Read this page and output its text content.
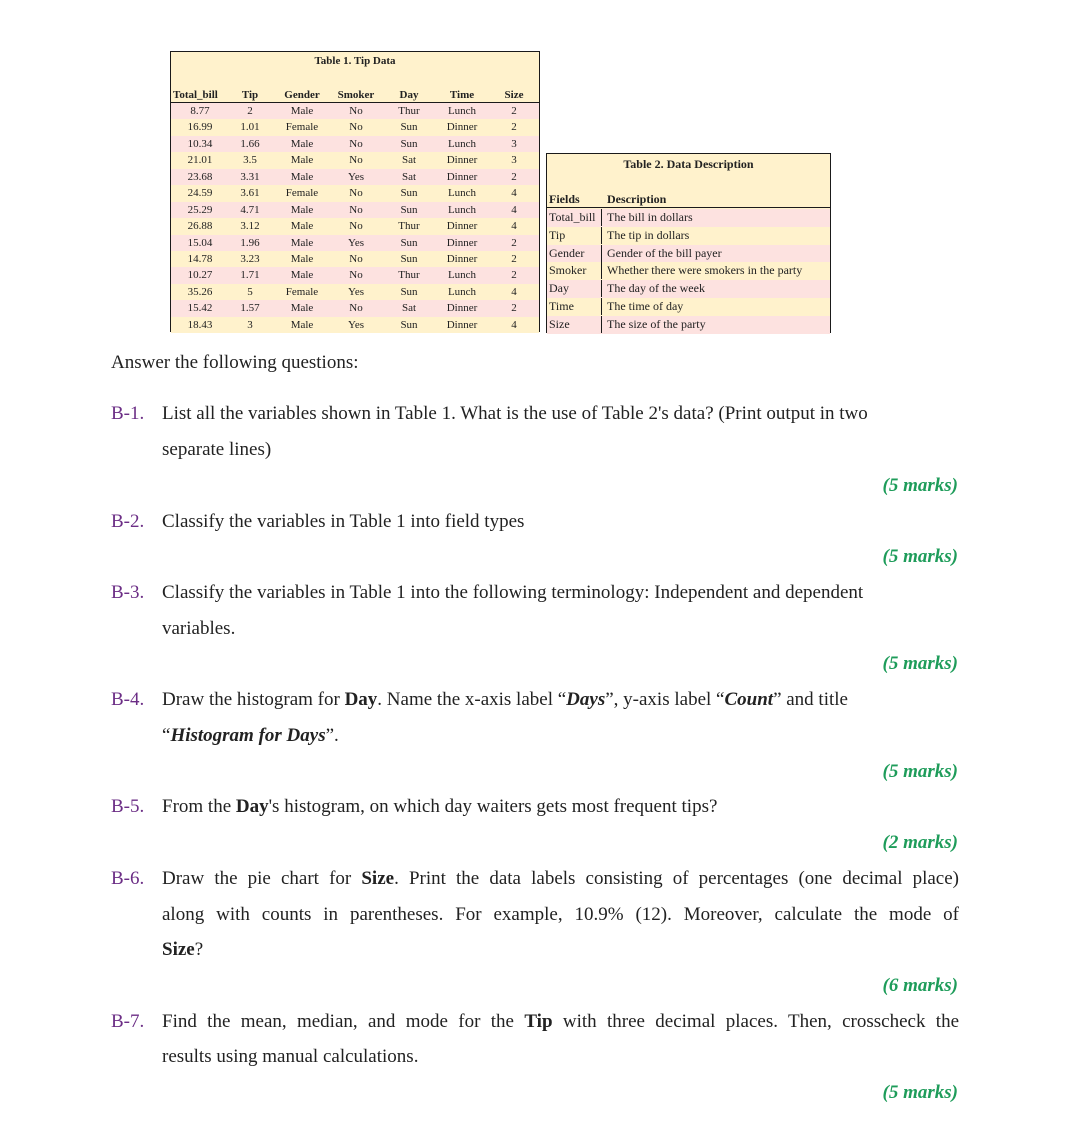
Table 1. Tip Data
Total_bill	Tip	Gender	Smoker	Day	Time	Size
8.77	2	Male	No	Thur	Lunch	2
16.99	1.01	Female	No	Sun	Dinner	2
10.34	1.66	Male	No	Sun	Lunch	3
21.01	3.5	Male	No	Sat	Dinner	3
23.68	3.31	Male	Yes	Sat	Dinner	2
24.59	3.61	Female	No	Sun	Lunch	4
25.29	4.71	Male	No	Sun	Lunch	4
26.88	3.12	Male	No	Thur	Dinner	4
15.04	1.96	Male	Yes	Sun	Dinner	2
14.78	3.23	Male	No	Sun	Dinner	2
10.27	1.71	Male	No	Thur	Lunch	2
35.26	5	Female	Yes	Sun	Lunch	4
15.42	1.57	Male	No	Sat	Dinner	2
18.43	3	Male	Yes	Sun	Dinner	4
Table 2. Data Description
Fields	Description
Total_bill The bill in dollars
Tip	The tip in dollars
Gender	Gender of the bill payer
Smoker	Whether there were smokers in the party
Day	The day of the week
Time	The time of day
Size	The size of the party
Answer the following questions:
B-1. List all the variables shown in Table 1. What is the use of Table 2's data? (Print output in two
separate lines)
(5 marks)
B-2. Classify the variables in Table 1 into field types
(5 marks)
B-3. Classify the variables in Table 1 into the following terminology: Independent and dependent
variables.
(5 marks)
B-4. Draw the histogram for Day. Name the x-axis label “Days”, y-axis label “Count” and title
“Histogram for Days”.
(5 marks)
B-5. From the Day's histogram, on which day waiters gets most frequent tips?
(2 marks)
B-6. Draw the pie chart for Size. Print the data labels consisting of percentages (one decimal place)
along with counts in parentheses. For example, 10.9% (12). Moreover, calculate the mode of
Size?
(6 marks)
B-7. Find the mean, median, and mode for the Tip with three decimal places. Then, crosscheck the
results using manual calculations.
(5 marks)
